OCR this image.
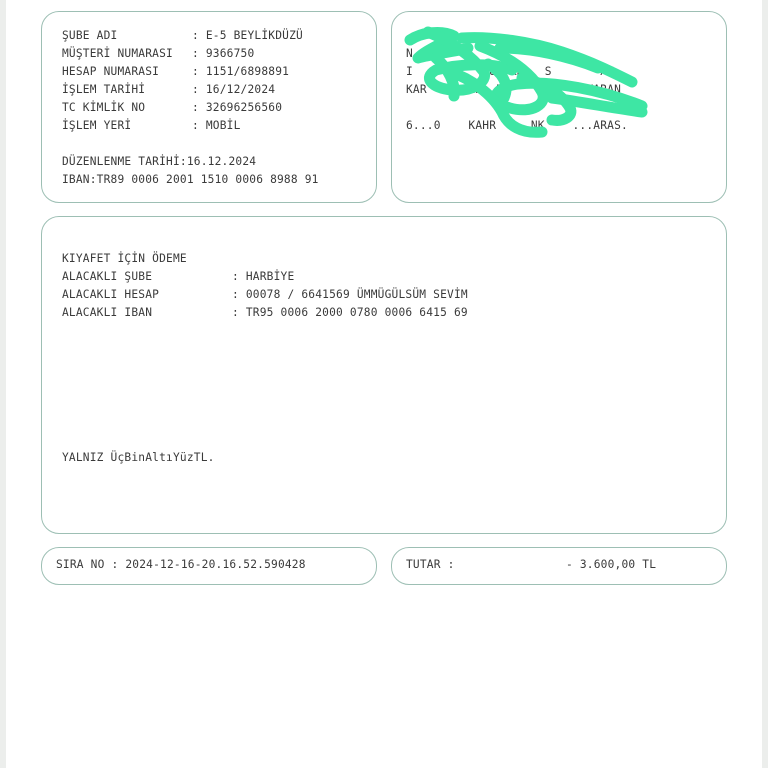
ŞUBE ADI	: E-5 BEYLİKDÜZÜ
MÜŞTERİ NUMARASI : 9366750
HESAP NUMARASI	: 1151/6898891
İŞLEM TARİHİ	: 16/12/2024
TC KİMLİK NO	: 32696256560
İŞLEM YERİ	: MOBİL
DÜZENLENME TARİHİ:16.12.2024
IBAN:TR89 0006 2001 1510 0006 8988 91
N
I          28. KM.  S       AN
KAR  ...DER  B            KARAN
6...0    KAHR     NK    ...ARAS.
KIYAFET İÇİN ÖDEME
ALACAKLI ŞUBE	: HARBİYE
ALACAKLI HESAP	: 00078 / 6641569 ÜMMÜGÜLSÜM SEVİM
ALACAKLI IBAN	: TR95 0006 2000 0780 0006 6415 69
YALNIZ ÜçBinAltıYüzTL.
SIRA NO : 2024-12-16-20.16.52.590428	TUTAR :	- 3.600,00 TL
